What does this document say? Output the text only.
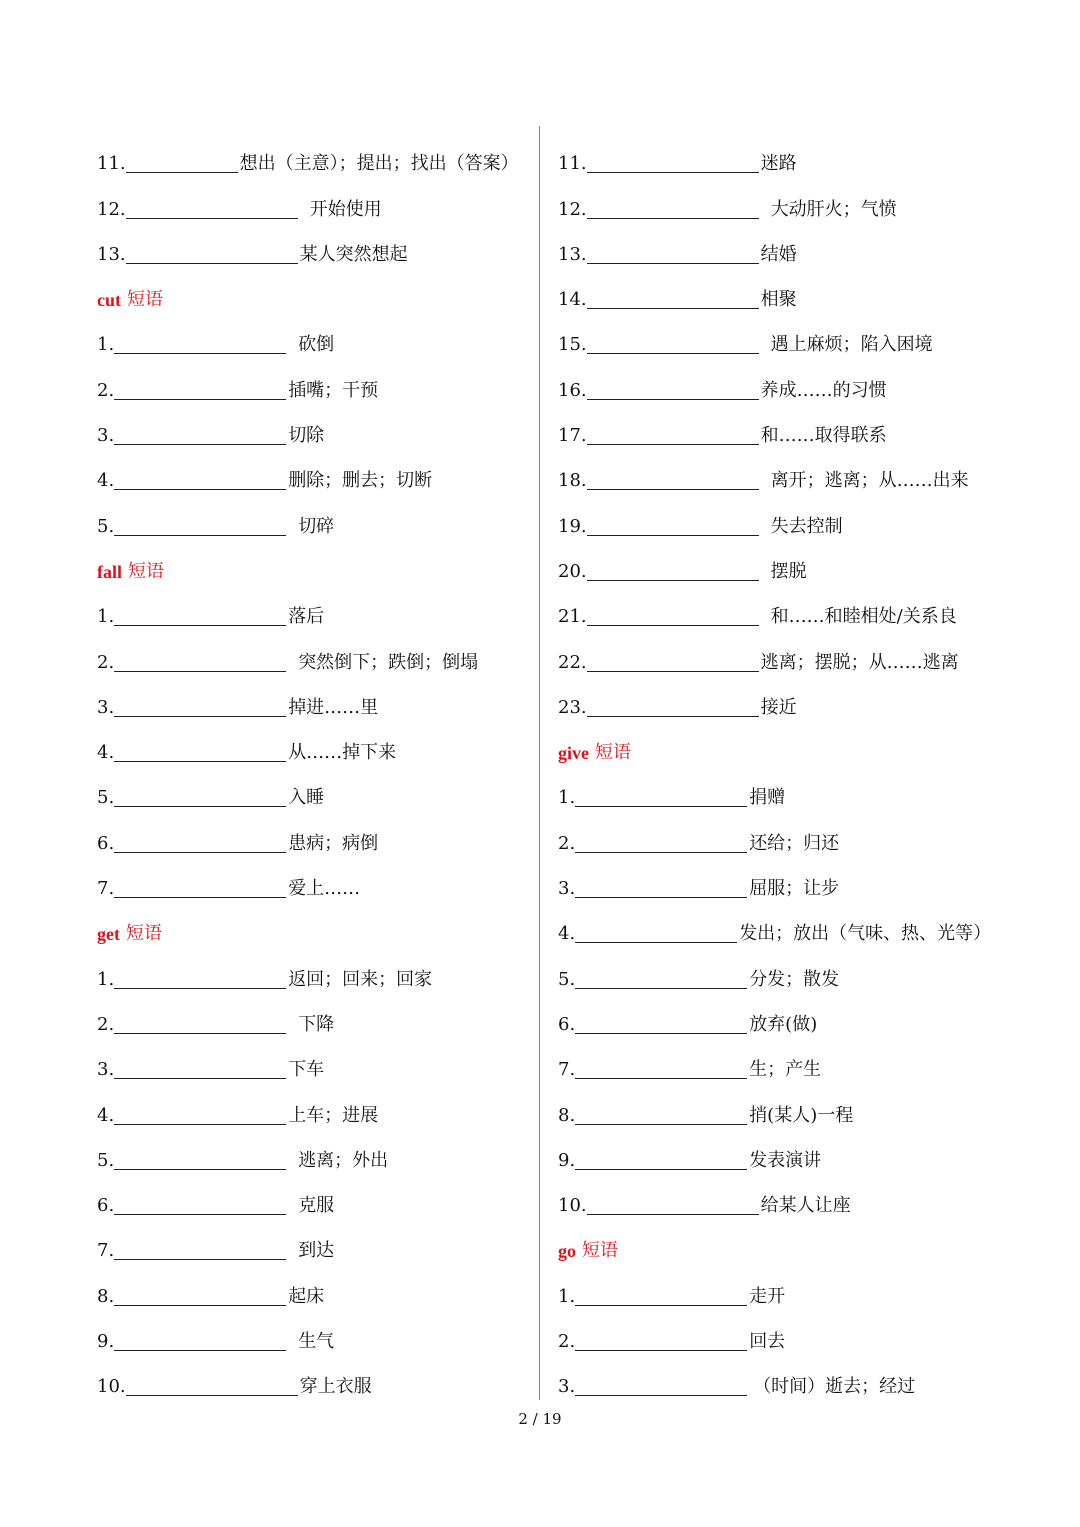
11.	想出（主意）；提出；找出（答案）
12.	开始使用
13.	某人突然想起
cut 短语
1.	砍倒
2.	插嘴；干预
3.	切除
4.	删除；删去；切断
5.	切碎
fall 短语
1.	落后
2.	突然倒下；跌倒；倒塌
3.	掉进……里
4.	从……掉下来
5.	入睡
6.	患病；病倒
7.	爱上……
get 短语
1.	返回；回来；回家
2.	下降
3.	下车
4.	上车；进展
5.	逃离；外出
6.	克服
7.	到达
8.	起床
9.	生气
10.	穿上衣服
11.	迷路
12.	大动肝火；气愤
13.	结婚
14.	相聚
15.	遇上麻烦；陷入困境
16.	养成……的习惯
17.	和……取得联系
18.	离开；逃离；从……出来
19.	失去控制
20.	摆脱
21.	和……和睦相处/关系良
22.	逃离；摆脱；从……逃离
23.	接近
give 短语
1.	捐赠
2.	还给；归还
3.	屈服；让步
4.	发出；放出（气味、热、光等）
5.	分发；散发
6.	放弃(做)
7.	生；产生
8.	捎(某人)一程
9.	发表演讲
10.	给某人让座
go 短语
1.	走开
2.	回去
3.	（时间）逝去；经过
2 / 19
